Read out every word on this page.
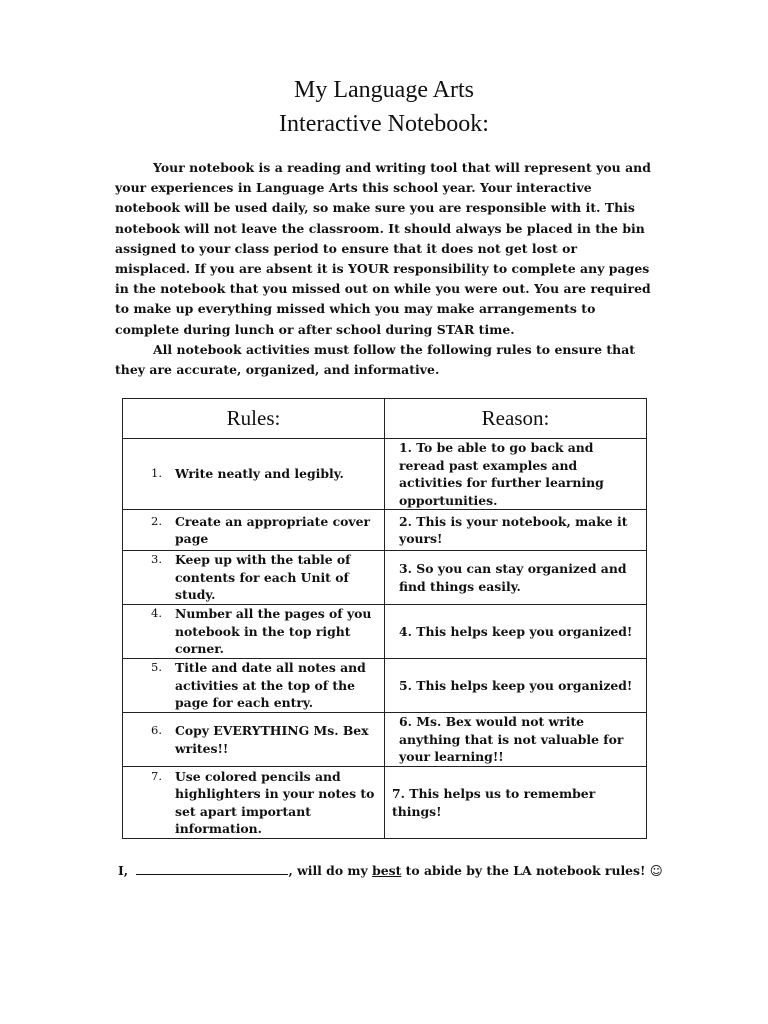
My Language Arts
Interactive Notebook:

Your notebook is a reading and writing tool that will represent you and your experiences in Language Arts this school year. Your interactive notebook will be used daily, so make sure you are responsible with it. This notebook will not leave the classroom. It should always be placed in the bin assigned to your class period to ensure that it does not get lost or misplaced. If you are absent it is YOUR responsibility to complete any pages in the notebook that you missed out on while you were out. You are required to make up everything missed which you may make arrangements to complete during lunch or after school during STAR time.

All notebook activities must follow the following rules to ensure that they are accurate, organized, and informative.

Rules:	Reason:

1. Write neatly and legibly.	1. To be able to go back and reread past examples and activities for further learning opportunities.

2. Create an appropriate cover page	2. This is your notebook, make it yours!

3. Keep up with the table of contents for each Unit of study.	3. So you can stay organized and find things easily.

4. Number all the pages of you notebook in the top right corner.	4. This helps keep you organized!

5. Title and date all notes and activities at the top of the page for each entry.	5. This helps keep you organized!

6. Copy EVERYTHING Ms. Bex writes!!	6. Ms. Bex would not write anything that is not valuable for your learning!!

7. Use colored pencils and highlighters in your notes to set apart important information.	7. This helps us to remember things!

I,	, will do my best to abide by the LA notebook rules! ☺
